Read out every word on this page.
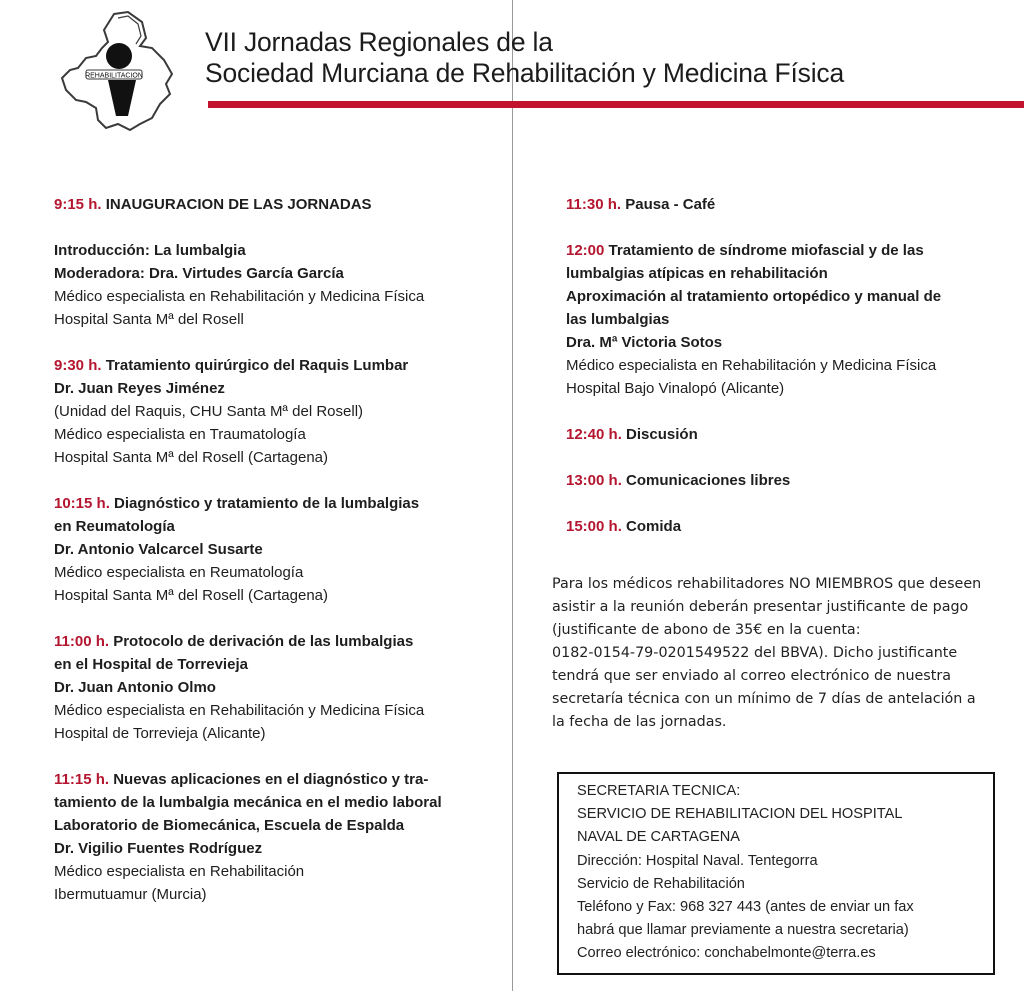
REHABILITACION
VII Jornadas Regionales de la
Sociedad Murciana de Rehabilitación y Medicina Física
9:15 h. INAUGURACION DE LAS JORNADAS
Introducción: La lumbalgia
Moderadora: Dra. Virtudes García García
Médico especialista en Rehabilitación y Medicina Física
Hospital Santa Mª del Rosell
9:30 h. Tratamiento quirúrgico del Raquis Lumbar
Dr. Juan Reyes Jiménez
(Unidad del Raquis, CHU Santa Mª del Rosell)
Médico especialista en Traumatología
Hospital Santa Mª del Rosell (Cartagena)
10:15 h. Diagnóstico y tratamiento de la lumbalgias
en Reumatología
Dr. Antonio Valcarcel Susarte
Médico especialista en Reumatología
Hospital Santa Mª del Rosell (Cartagena)
11:00 h. Protocolo de derivación de las lumbalgias
en el Hospital de Torrevieja
Dr. Juan Antonio Olmo
Médico especialista en Rehabilitación y Medicina Física
Hospital de Torrevieja (Alicante)
11:15 h. Nuevas aplicaciones en el diagnóstico y tra-
tamiento de la lumbalgia mecánica en el medio laboral
Laboratorio de Biomecánica, Escuela de Espalda
Dr. Vigilio Fuentes Rodríguez
Médico especialista en Rehabilitación
Ibermutuamur (Murcia)
11:30 h. Pausa - Café
12:00 Tratamiento de síndrome miofascial y de las
lumbalgias atípicas en rehabilitación
Aproximación al tratamiento ortopédico y manual de
las lumbalgias
Dra. Mª Victoria Sotos
Médico especialista en Rehabilitación y Medicina Física
Hospital Bajo Vinalopó (Alicante)
12:40 h. Discusión
13:00 h. Comunicaciones libres
15:00 h. Comida
Para los médicos rehabilitadores NO MIEMBROS que deseen
asistir a la reunión deberán presentar justificante de pago
(justificante de abono de 35€ en la cuenta:
0182-0154-79-0201549522 del BBVA). Dicho justificante
tendrá que ser enviado al correo electrónico de nuestra
secretaría técnica con un mínimo de 7 días de antelación a
la fecha de las jornadas.
SECRETARIA TECNICA:
SERVICIO DE REHABILITACION DEL HOSPITAL
NAVAL DE CARTAGENA
Dirección: Hospital Naval. Tentegorra
Servicio de Rehabilitación
Teléfono y Fax: 968 327 443 (antes de enviar un fax
habrá que llamar previamente a nuestra secretaria)
Correo electrónico: conchabelmonte@terra.es
